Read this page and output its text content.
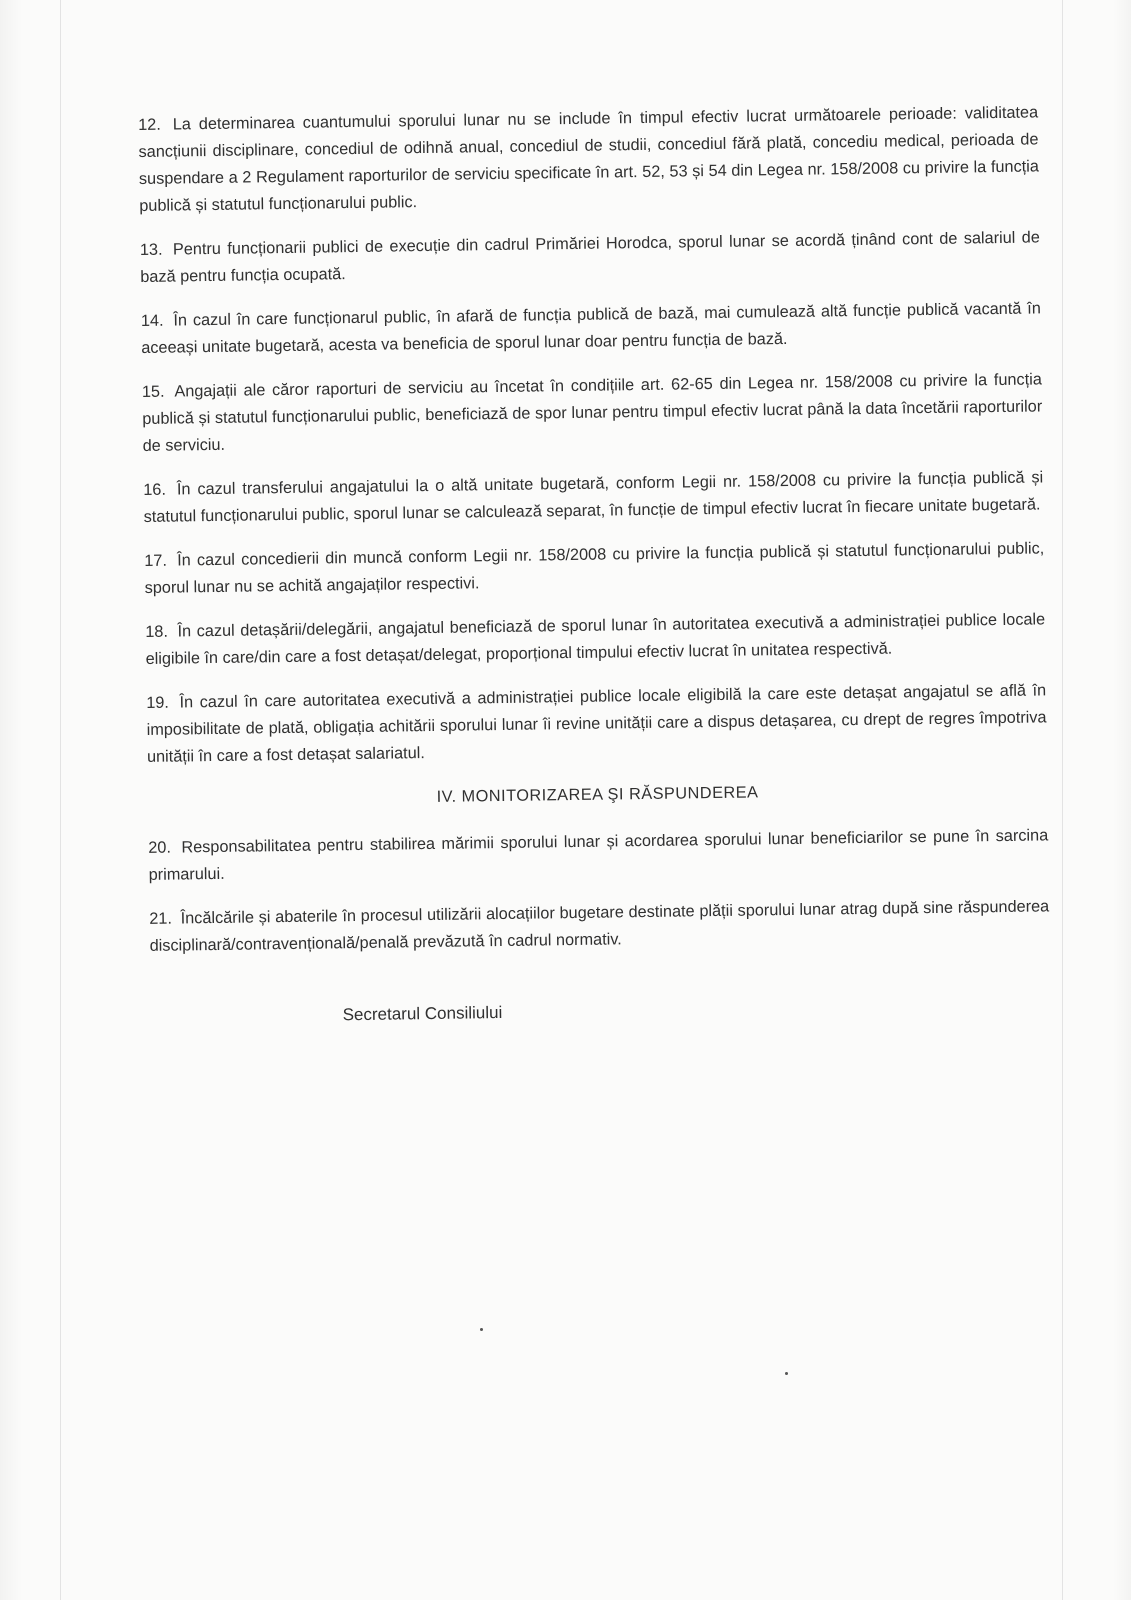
12. La determinarea cuantumului sporului lunar nu se include în timpul efectiv lucrat următoarele perioade: validitatea sancțiunii disciplinare, concediul de odihnă anual, concediul de studii, concediul fără plată, concediu medical, perioada de suspendare a 2 Regulament raporturilor de serviciu specificate în art. 52, 53 și 54 din Legea nr. 158/2008 cu privire la funcția publică și statutul funcționarului public.

13. Pentru funcționarii publici de execuție din cadrul Primăriei Horodca, sporul lunar se acordă ținând cont de salariul de bază pentru funcția ocupată.

14. În cazul în care funcționarul public, în afară de funcția publică de bază, mai cumulează altă funcție publică vacantă în aceeași unitate bugetară, acesta va beneficia de sporul lunar doar pentru funcția de bază.

15. Angajații ale căror raporturi de serviciu au încetat în condițiile art. 62-65 din Legea nr. 158/2008 cu privire la funcția publică și statutul funcționarului public, beneficiază de spor lunar pentru timpul efectiv lucrat până la data încetării raporturilor de serviciu.

16. În cazul transferului angajatului la o altă unitate bugetară, conform Legii nr. 158/2008 cu privire la funcția publică și statutul funcționarului public, sporul lunar se calculează separat, în funcție de timpul efectiv lucrat în fiecare unitate bugetară.

17. În cazul concedierii din muncă conform Legii nr. 158/2008 cu privire la funcția publică și statutul funcționarului public, sporul lunar nu se achită angajaților respectivi.

18. În cazul detașării/delegării, angajatul beneficiază de sporul lunar în autoritatea executivă a administrației publice locale eligibile în care/din care a fost detașat/delegat, proporțional timpului efectiv lucrat în unitatea respectivă.

19. În cazul în care autoritatea executivă a administrației publice locale eligibilă la care este detașat angajatul se află în imposibilitate de plată, obligația achitării sporului lunar îi revine unității care a dispus detașarea, cu drept de regres împotriva unității în care a fost detașat salariatul.

IV. MONITORIZAREA ŞI RĂSPUNDEREA

20. Responsabilitatea pentru stabilirea mărimii sporului lunar și acordarea sporului lunar beneficiarilor se pune în sarcina primarului.

21. Încălcările și abaterile în procesul utilizării alocațiilor bugetare destinate plății sporului lunar atrag după sine răspunderea disciplinară/contravențională/penală prevăzută în cadrul normativ.

Secretarul Consiliului
